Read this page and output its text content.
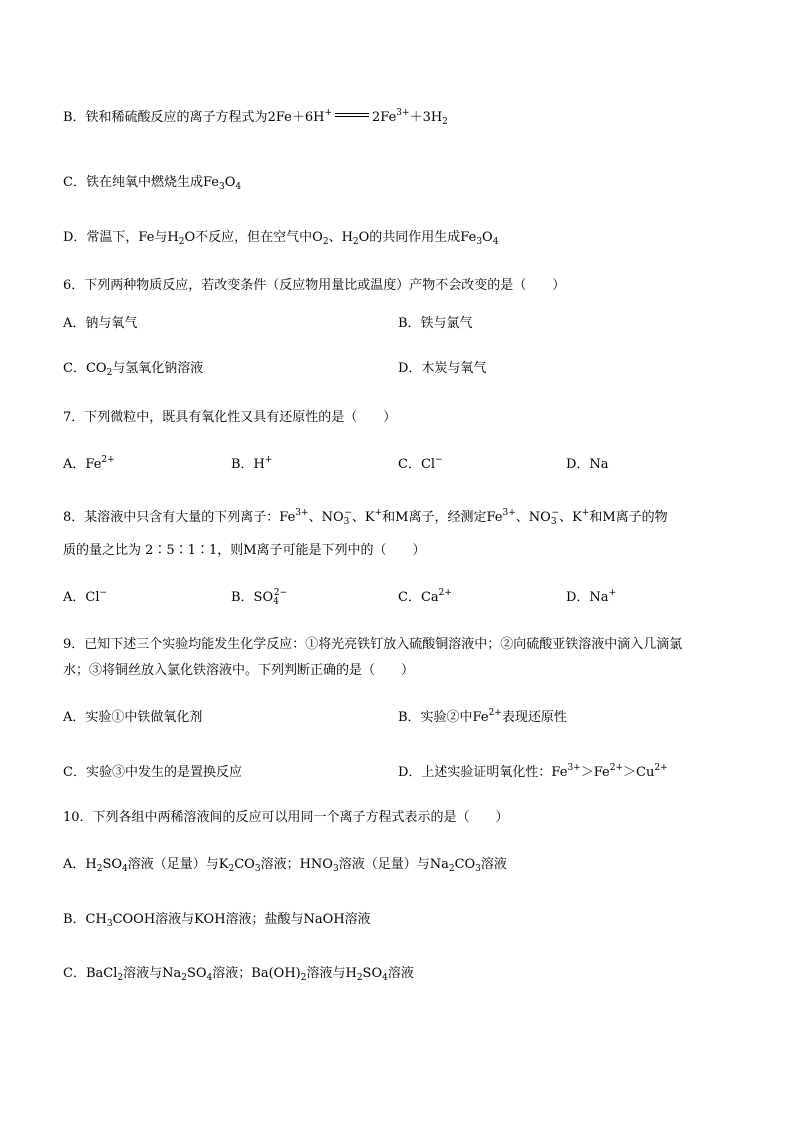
B．铁和稀硫酸反应的离子方程式为2Fe＋6H+	$2Fe^{3+}+3H_2$
C．铁在纯氧中燃烧生成$Fe_3O_4$
D．常温下，Fe与$H_2O$不反应，但在空气中$O_2$、$H_2O$的共同作用生成$Fe_3O_4$
6．下列两种物质反应，若改变条件（反应物用量比或温度）产物不会改变的是（　　）
A．钠与氧气	B．铁与氯气
C．$CO_2$与氢氧化钠溶液	D．木炭与氧气
7．下列微粒中，既具有氧化性又具有还原性的是（　　）
A．$Fe^{2+}$	B．H+	C．Cl−	D．Na
8．某溶液中只含有大量的下列离子：$Fe^{3+}$、$NO_3^-$、K+和M离子，经测定$Fe^{3+}$、$NO_3^-$、K+和M离子的物
质的量之比为 2∶5∶1∶1，则M离子可能是下列中的（　　）
A．Cl−	B．$SO_4^{2-}$	C．$Ca^{2+}$	D．Na+
9．已知下述三个实验均能发生化学反应：①将光亮铁钉放入硫酸铜溶液中；②向硫酸亚铁溶液中滴入几滴氯
水；③将铜丝放入氯化铁溶液中。下列判断正确的是（　　）
A．实验①中铁做氧化剂	B．实验②中$Fe^{2+}$表现还原性
C．实验③中发生的是置换反应	D．上述实验证明氧化性：$Fe^{3+}>Fe^{2+}>Cu^{2+}$
10．下列各组中两稀溶液间的反应可以用同一个离子方程式表示的是（　　）
A．$H_2SO_4$溶液（足量）与$K_2CO_3$溶液；$HNO_3$溶液（足量）与$Na_2CO_3$溶液
B．$CH_3COOH$溶液与KOH溶液；盐酸与NaOH溶液
C．BaCl$_2$溶液与$Na_2SO_4$溶液；$Ba(OH)_2$溶液与$H_2SO_4$溶液
